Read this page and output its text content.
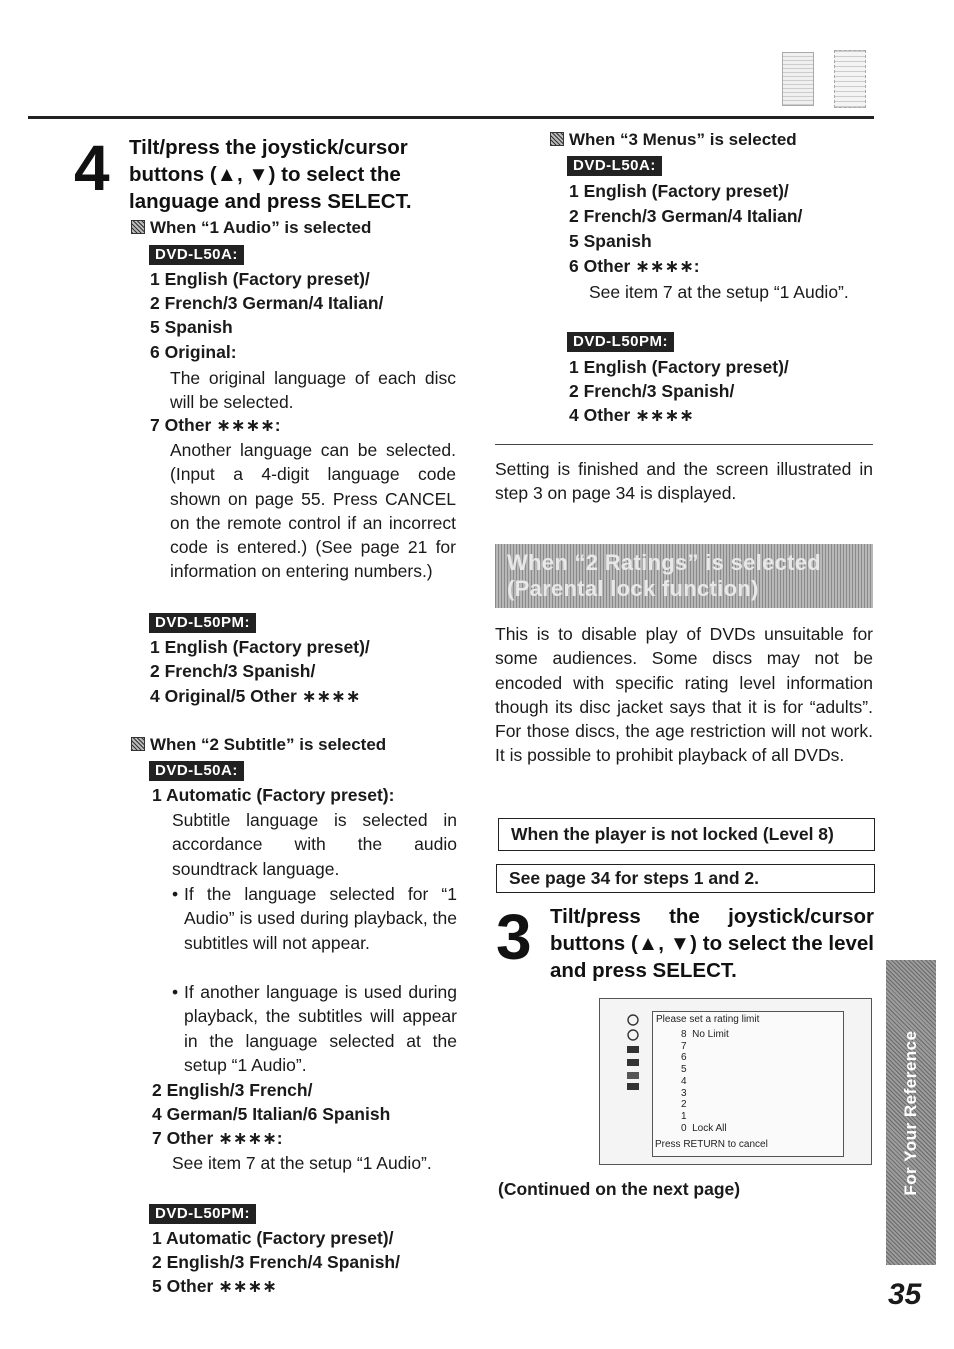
4 Tilt/press the joystick/cursor buttons (▲, ▼) to select the language and press SELECT.
When “1 Audio” is selected
DVD-L50A:
1 English (Factory preset)/
2 French/3 German/4 Italian/
5 Spanish
6 Original:
The original language of each disc will be selected.
7 Other ∗∗∗∗:
Another language can be selected. (Input a 4-digit language code shown on page 55. Press CANCEL on the remote control if an incorrect code is entered.) (See page 21 for information on entering numbers.)
DVD-L50PM:
1 English (Factory preset)/
2 French/3 Spanish/
4 Original/5 Other ∗∗∗∗
When “2 Subtitle” is selected
DVD-L50A:
1 Automatic (Factory preset):
Subtitle language is selected in accordance with the audio soundtrack language.
• If the language selected for “1 Audio” is used during playback, the subtitles will not appear.
• If another language is used during playback, the subtitles will appear in the language selected at the setup “1 Audio”.
2 English/3 French/
4 German/5 Italian/6 Spanish
7 Other ∗∗∗∗:
See item 7 at the setup “1 Audio”.
DVD-L50PM:
1 Automatic (Factory preset)/
2 English/3 French/4 Spanish/
5 Other ∗∗∗∗
When “3 Menus” is selected
DVD-L50A:
1 English (Factory preset)/
2 French/3 German/4 Italian/
5 Spanish
6 Other ∗∗∗∗:
See item 7 at the setup “1 Audio”.
DVD-L50PM:
1 English (Factory preset)/
2 French/3 Spanish/
4 Other ∗∗∗∗
Setting is finished and the screen illustrated in step 3 on page 34 is displayed.
When “2 Ratings” is selected
(Parental lock function)
This is to disable play of DVDs unsuitable for some audiences. Some discs may not be encoded with specific rating level information though its disc jacket says that it is for “adults”. For those discs, the age restriction will not work. It is possible to prohibit playback of all DVDs.
When the player is not locked (Level 8)
See page 34 for steps 1 and 2.
3 Tilt/press the joystick/cursor buttons (▲, ▼) to select the level and press SELECT.
Please set a rating limit
8  No Limit
7
6
5
4
3
2
1
0  Lock All
Press RETURN to cancel
(Continued on the next page)	For Your Reference
35
